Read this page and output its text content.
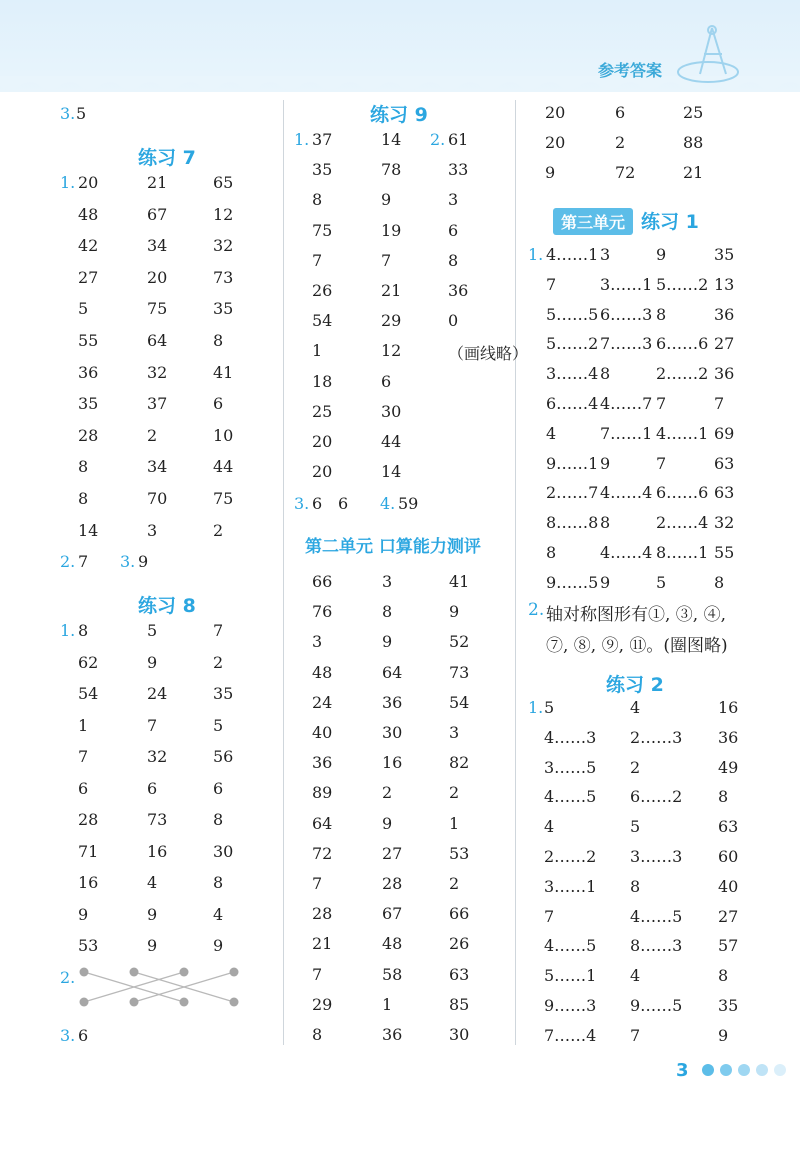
参考答案
3. 5
练习 7
1. 20	21	65
48	67	12
42	34	32
27	20	73
5	75	35
55	64	8
36	32	41
35	37	6
28	2	10
8	34	44
8	70	75
14	3	2
2. 7 3. 9
练习 8
1. 8	5	7
62	9	2
54	24	35
1	7	5
7	32	56
6	6	6
28	73	8
71	16	30
16	4	8
9	9	4
53	9	9
2.
3. 6
练习 9
1. 37	14 2. 61
35	78	33
8	9	3
75	19	6
7	7	8
26	21	36
54	29	0
1	12	（画线略）
18	6
25	30
20	44
20	14
3. 6 6 4. 59
第二单元 口算能力测评
66	3	41
76	8	9
3	9	52
48	64	73
24	36	54
40	30	3
36	16	82
89	2	2
64	9	1
72	27	53
7	28	2
28	67	66
21	48	26
7	58	63
29	1	85
8	36	30
20	6	25
20	2	88
9	72	21
第三单元 练习 1
1. 4……1 3	9	35
7	3……1 5……2 13
5……5 6……3 8	36
5……2 7……3 6……6 27
3……4 8	2……2 36
6……4 4……7 7	7
4	7……1 4……1 69
9……1 9	7	63
2……7 4……4 6……6 63
8……8 8	2……4 32
8	4……4 8……1 55
9……5 9	5	8
2. 轴对称图形有①, ③, ④,
⑦, ⑧, ⑨, ⑪。(圈图略)
练习 2
1. 5	4	16
4……3 2……3 36
3……5 2	49
4……5 6……2 8
4	5	63
2……2 3……3 60
3……1 8	40
7	4……5 27
4……5 8……3 57
5……1 4	8
9……3 9……5 35
7……4 7	9
3
